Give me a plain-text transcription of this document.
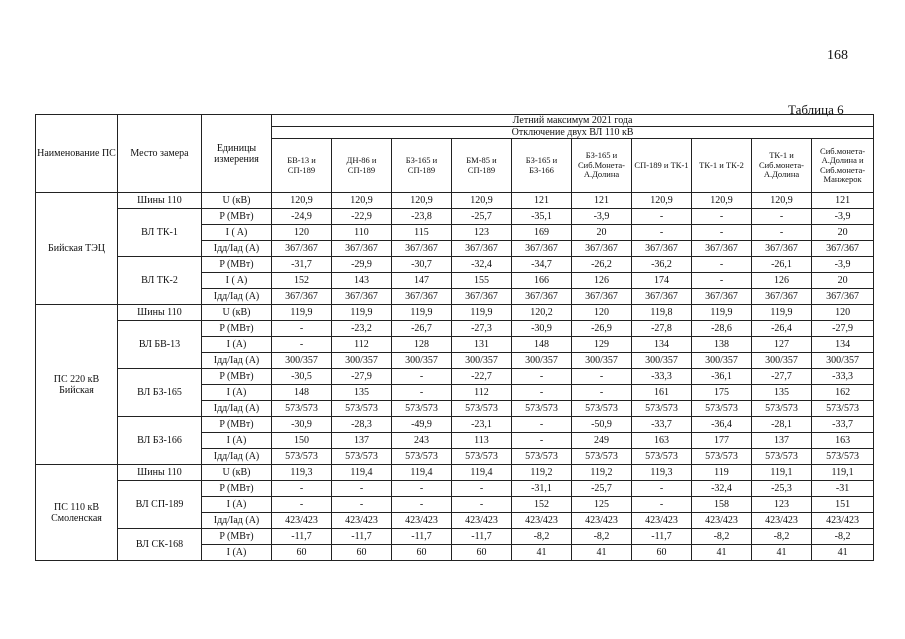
168
Таблица 6
Наименование ПС	Место замера	Единицы измерения	Летний максимум 2021 года									
			Отключение двух ВЛ 110 кВ									
			БВ-13 и СП-189	ДН-86 и СП-189	БЗ-165 и СП-189	БМ-85 и СП-189	БЗ-165 и БЗ-166	БЗ-165 и Сиб.Монета-А.Долина	СП-189 и ТК-1	ТК-1 и ТК-2	ТК-1 и Сиб.монета-А.Долина	Сиб.монета-А.Долина и Сиб.монета-Манжерок
Бийская ТЭЦ	Шины 110	U (кВ)	120,9	120,9	120,9	120,9	121	121	120,9	120,9	120,9	121
	ВЛ ТК-1	P (МВт)	-24,9	-22,9	-23,8	-25,7	-35,1	-3,9	-	-	-	-3,9
		I ( A)	120	110	115	123	169	20	-	-	-	20
		Iдд/Iад (А)	367/367	367/367	367/367	367/367	367/367	367/367	367/367	367/367	367/367	367/367
	ВЛ ТК-2	P (МВт)	-31,7	-29,9	-30,7	-32,4	-34,7	-26,2	-36,2	-	-26,1	-3,9
		I ( A)	152	143	147	155	166	126	174	-	126	20
		Iдд/Iад (А)	367/367	367/367	367/367	367/367	367/367	367/367	367/367	367/367	367/367	367/367
ПС 220 кВ Бийская	Шины 110	U (кВ)	119,9	119,9	119,9	119,9	120,2	120	119,8	119,9	119,9	120
	ВЛ БВ-13	P (МВт)	-	-23,2	-26,7	-27,3	-30,9	-26,9	-27,8	-28,6	-26,4	-27,9
		I (A)	-	112	128	131	148	129	134	138	127	134
		Iдд/Iад (А)	300/357	300/357	300/357	300/357	300/357	300/357	300/357	300/357	300/357	300/357
	ВЛ БЗ-165	P (МВт)	-30,5	-27,9	-	-22,7	-	-	-33,3	-36,1	-27,7	-33,3
		I (A)	148	135	-	112	-	-	161	175	135	162
		Iдд/Iад (А)	573/573	573/573	573/573	573/573	573/573	573/573	573/573	573/573	573/573	573/573
	ВЛ БЗ-166	P (МВт)	-30,9	-28,3	-49,9	-23,1	-	-50,9	-33,7	-36,4	-28,1	-33,7
		I (A)	150	137	243	113	-	249	163	177	137	163
		Iдд/Iад (А)	573/573	573/573	573/573	573/573	573/573	573/573	573/573	573/573	573/573	573/573
ПС 110 кВ Смоленская	Шины 110	U (кВ)	119,3	119,4	119,4	119,4	119,2	119,2	119,3	119	119,1	119,1
	ВЛ СП-189	P (МВт)	-	-	-	-	-31,1	-25,7	-	-32,4	-25,3	-31
		I (A)	-	-	-	-	152	125	-	158	123	151
		Iдд/Iад (А)	423/423	423/423	423/423	423/423	423/423	423/423	423/423	423/423	423/423	423/423
	ВЛ СК-168	P (МВт)	-11,7	-11,7	-11,7	-11,7	-8,2	-8,2	-11,7	-8,2	-8,2	-8,2
		I (A)	60	60	60	60	41	41	60	41	41	41
